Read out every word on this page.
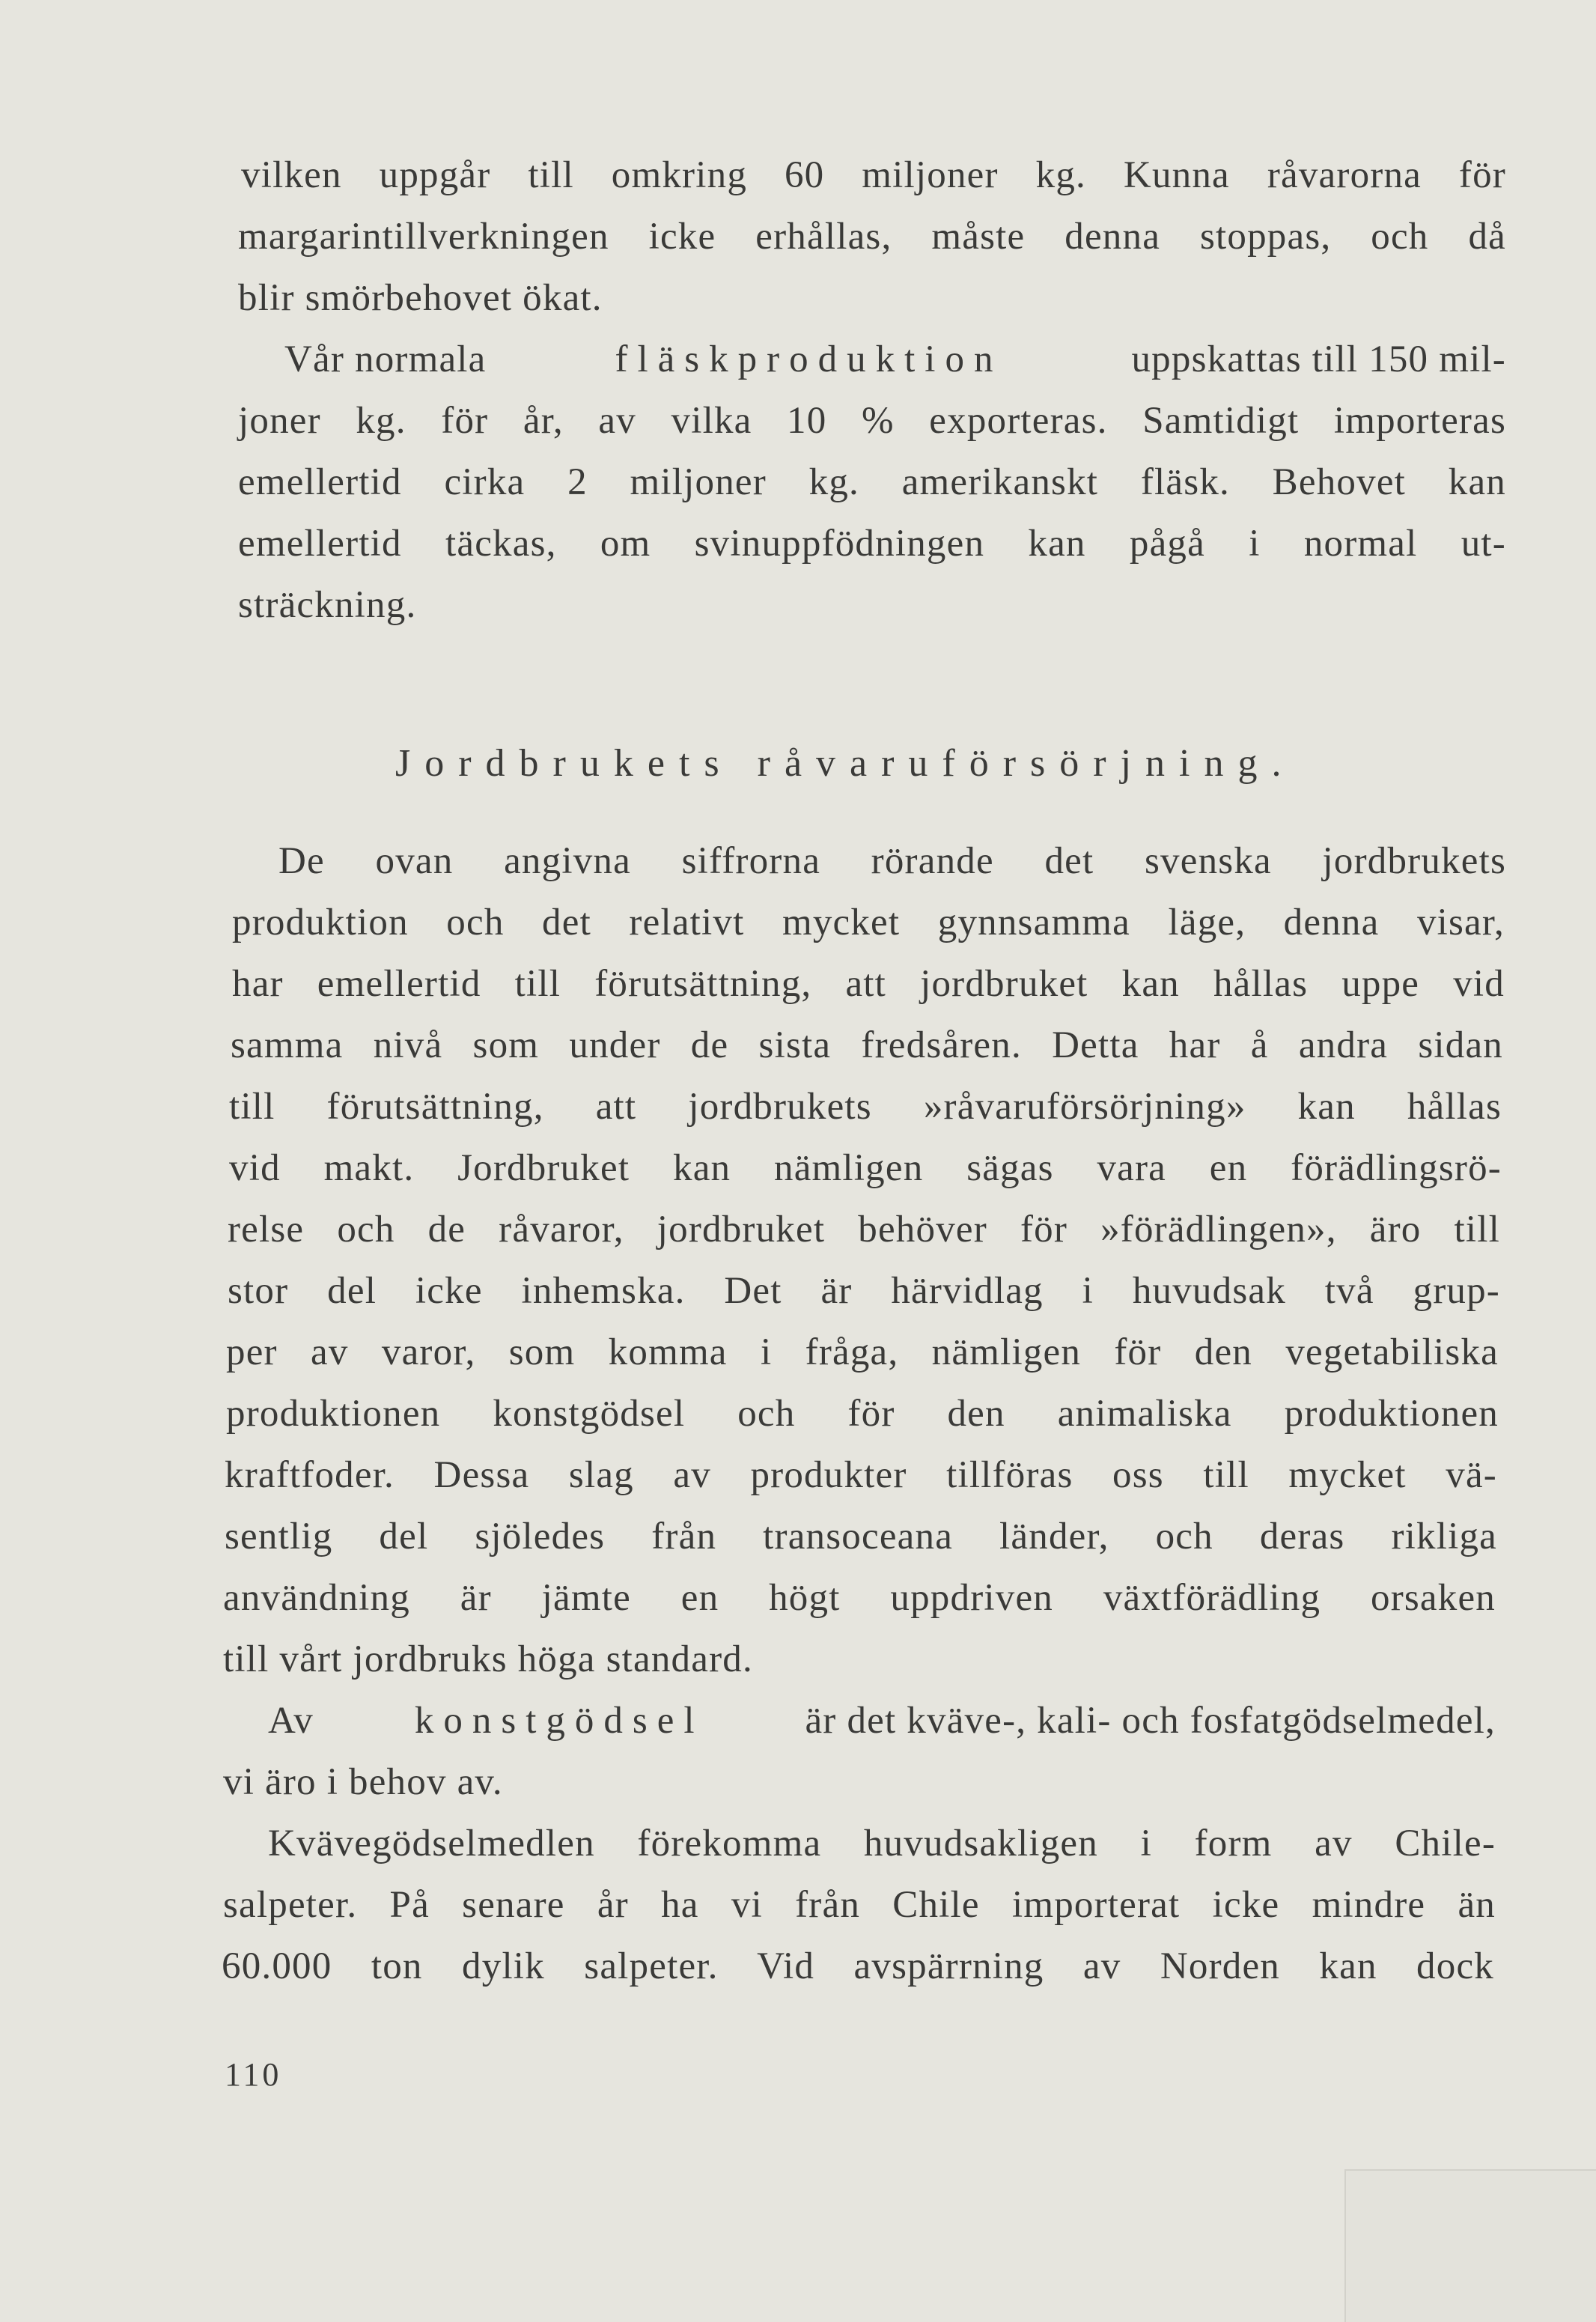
vilken uppgår till omkring 60 miljoner kg. Kunna råvarorna för
margarintillverkningen icke erhållas, måste denna stoppas, och då
blir smörbehovet ökat.
Vår normala	fläskproduktion	uppskattas till 150 mil-
joner kg. för år, av vilka 10 % exporteras. Samtidigt importeras
emellertid cirka 2 miljoner kg. amerikanskt fläsk. Behovet kan
emellertid täckas, om svinuppfödningen kan pågå i normal ut-
sträckning.
Jordbrukets råvaruförsörjning.
De ovan angivna siffrorna rörande det svenska jordbrukets
produktion och det relativt mycket gynnsamma läge, denna visar,
har emellertid till förutsättning, att jordbruket kan hållas uppe vid
samma nivå som under de sista fredsåren. Detta har å andra sidan
till förutsättning, att jordbrukets »råvaruförsörjning» kan hållas
vid makt. Jordbruket kan nämligen sägas vara en förädlingsrö-
relse och de råvaror, jordbruket behöver för »förädlingen», äro till
stor del icke inhemska. Det är härvidlag i huvudsak två grup-
per av varor, som komma i fråga, nämligen för den vegetabiliska
produktionen konstgödsel och för den animaliska produktionen
kraftfoder. Dessa slag av produkter tillföras oss till mycket vä-
sentlig del sjöledes från transoceana länder, och deras rikliga
användning är jämte en högt uppdriven växtförädling orsaken
till vårt jordbruks höga standard.
Av	konstgödsel	är det kväve-, kali- och fosfatgödselmedel,
vi äro i behov av.
Kvävegödselmedlen förekomma huvudsakligen i form av Chile-
salpeter. På senare år ha vi från Chile importerat icke mindre än
60.000 ton dylik salpeter. Vid avspärrning av Norden kan dock
110
